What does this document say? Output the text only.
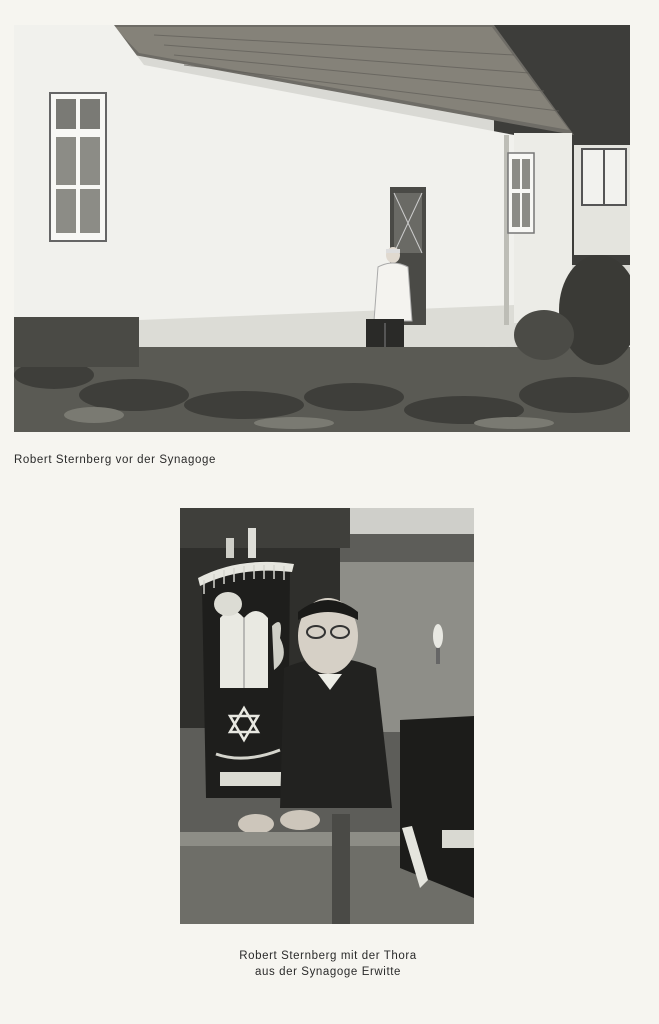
Robert Sternberg vor der Synagoge
Robert Sternberg mit der Thora
aus der Synagoge Erwitte
